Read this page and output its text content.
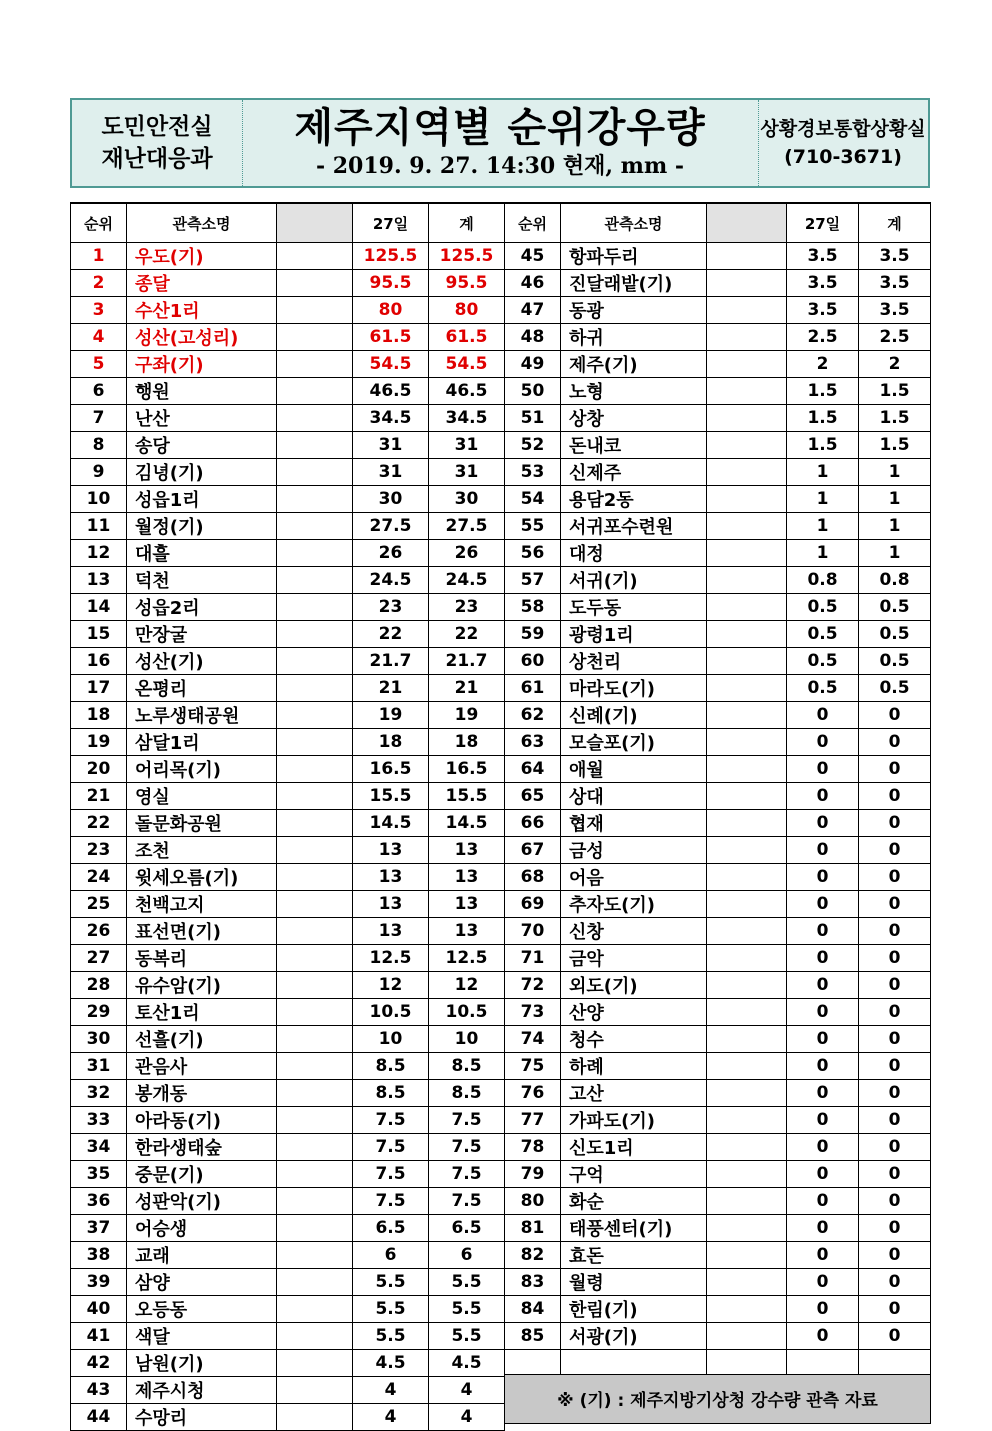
도민안전실
재난대응과
제주지역별 순위강우량
- 2019. 9. 27. 14:30 현재, mm -
상황경보통합상황실
(710-3671)
순위	관측소명		27일	계
1	우도(기)		125.5	125.5
2	종달		95.5	95.5
3	수산1리		80	80
4	성산(고성리)		61.5	61.5
5	구좌(기)		54.5	54.5
6	행원		46.5	46.5
7	난산		34.5	34.5
8	송당		31	31
9	김녕(기)		31	31
10	성읍1리		30	30
11	월정(기)		27.5	27.5
12	대흘		26	26
13	덕천		24.5	24.5
14	성읍2리		23	23
15	만장굴		22	22
16	성산(기)		21.7	21.7
17	온평리		21	21
18	노루생태공원		19	19
19	삼달1리		18	18
20	어리목(기)		16.5	16.5
21	영실		15.5	15.5
22	돌문화공원		14.5	14.5
23	조천		13	13
24	윗세오름(기)		13	13
25	천백고지		13	13
26	표선면(기)		13	13
27	동복리		12.5	12.5
28	유수암(기)		12	12
29	토산1리		10.5	10.5
30	선흘(기)		10	10
31	관음사		8.5	8.5
32	봉개동		8.5	8.5
33	아라동(기)		7.5	7.5
34	한라생태숲		7.5	7.5
35	중문(기)		7.5	7.5
36	성판악(기)		7.5	7.5
37	어승생		6.5	6.5
38	교래		6	6
39	삼양		5.5	5.5
40	오등동		5.5	5.5
41	색달		5.5	5.5
42	남원(기)		4.5	4.5
43	제주시청		4	4
44	수망리		4	4
순위	관측소명		27일	계
45	항파두리		3.5	3.5
46	진달래밭(기)		3.5	3.5
47	동광		3.5	3.5
48	하귀		2.5	2.5
49	제주(기)		2	2
50	노형		1.5	1.5
51	상창		1.5	1.5
52	돈내코		1.5	1.5
53	신제주		1	1
54	용담2동		1	1
55	서귀포수련원		1	1
56	대정		1	1
57	서귀(기)		0.8	0.8
58	도두동		0.5	0.5
59	광령1리		0.5	0.5
60	상천리		0.5	0.5
61	마라도(기)		0.5	0.5
62	신례(기)		0	0
63	모슬포(기)		0	0
64	애월		0	0
65	상대		0	0
66	협재		0	0
67	금성		0	0
68	어음		0	0
69	추자도(기)		0	0
70	신창		0	0
71	금악		0	0
72	외도(기)		0	0
73	산양		0	0
74	청수		0	0
75	하례		0	0
76	고산		0	0
77	가파도(기)		0	0
78	신도1리		0	0
79	구억		0	0
80	화순		0	0
81	태풍센터(기)		0	0
82	효돈		0	0
83	월령		0	0
84	한림(기)		0	0
85	서광(기)		0	0

※ (기) : 제주지방기상청 강수량 관측 자료				
